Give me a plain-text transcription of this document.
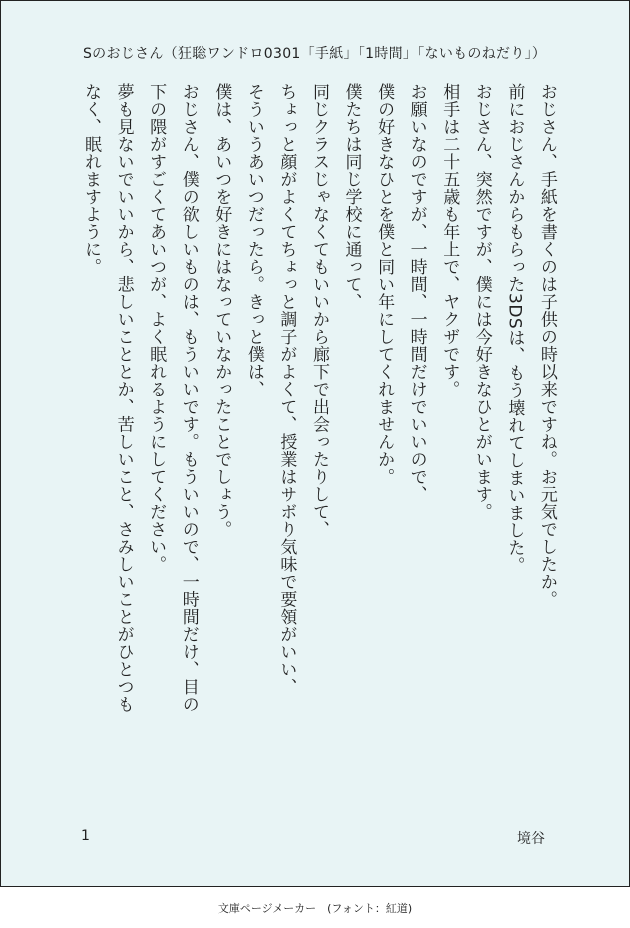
Sのおじさん（狂聡ワンドロ0301「手紙」「1時間」「ないものねだり」）
おじさん、手紙を書くのは子供の時以来ですね。お元気でしたか。
前におじさんからもらった3DSは、もう壊れてしまいました。
おじさん、突然ですが、僕には今好きなひとがいます。
相手は二十五歳も年上で、ヤクザです。
お願いなのですが、一時間、一時間だけでいいので、
僕の好きなひとを僕と同い年にしてくれませんか。
僕たちは同じ学校に通って、
同じクラスじゃなくてもいいから廊下で出会ったりして、
ちょっと顔がよくてちょっと調子がよくて、授業はサボり気味で要領がいい、
そういうあいつだったら。きっと僕は、
僕は、あいつを好きにはなっていなかったことでしょう。
おじさん、僕の欲しいものは、もういいです。もういいので、一時間だけ、目の
下の隈がすごくてあいつが、よく眠れるようにしてください。
夢も見ないでいいから、悲しいこととか、苦しいこと、さみしいことがひとつも
なく、眠れますように。
1	境谷
文庫ページメーカー　(フォント：紅道)
